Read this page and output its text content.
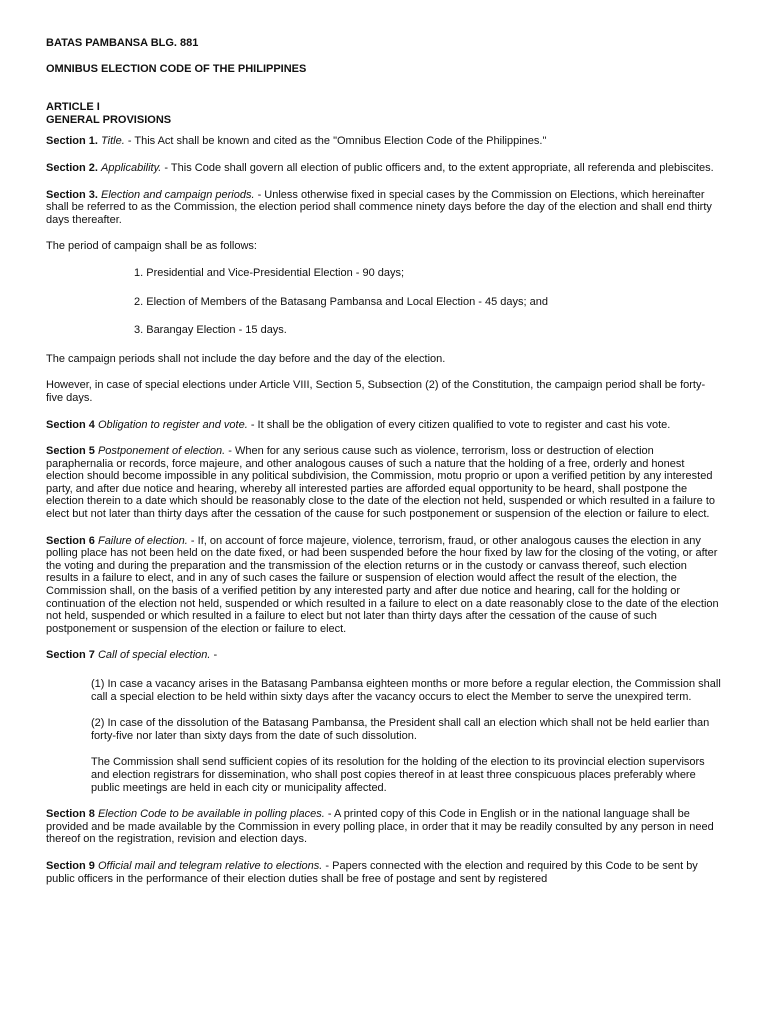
BATAS PAMBANSA BLG. 881

OMNIBUS ELECTION CODE OF THE PHILIPPINES

ARTICLE I

GENERAL PROVISIONS

Section 1. Title. - This Act shall be known and cited as the "Omnibus Election Code of the Philippines."

Section 2. Applicability. - This Code shall govern all election of public officers and, to the extent appropriate, all referenda and plebiscites.

Section 3. Election and campaign periods. - Unless otherwise fixed in special cases by the Commission on Elections, which hereinafter shall be referred to as the Commission, the election period shall commence ninety days before the day of the election and shall end thirty days thereafter.

The period of campaign shall be as follows:

1. Presidential and Vice-Presidential Election - 90 days;

2. Election of Members of the Batasang Pambansa and Local Election - 45 days; and

3. Barangay Election - 15 days.

The campaign periods shall not include the day before and the day of the election.

However, in case of special elections under Article VIII, Section 5, Subsection (2) of the Constitution, the campaign period shall be forty-five days.

Section 4 Obligation to register and vote. - It shall be the obligation of every citizen qualified to vote to register and cast his vote.

Section 5 Postponement of election. - When for any serious cause such as violence, terrorism, loss or destruction of election paraphernalia or records, force majeure, and other analogous causes of such a nature that the holding of a free, orderly and honest election should become impossible in any political subdivision, the Commission, motu proprio or upon a verified petition by any interested party, and after due notice and hearing, whereby all interested parties are afforded equal opportunity to be heard, shall postpone the election therein to a date which should be reasonably close to the date of the election not held, suspended or which resulted in a failure to elect but not later than thirty days after the cessation of the cause for such postponement or suspension of the election or failure to elect.

Section 6 Failure of election. - If, on account of force majeure, violence, terrorism, fraud, or other analogous causes the election in any polling place has not been held on the date fixed, or had been suspended before the hour fixed by law for the closing of the voting, or after the voting and during the preparation and the transmission of the election returns or in the custody or canvass thereof, such election results in a failure to elect, and in any of such cases the failure or suspension of election would affect the result of the election, the Commission shall, on the basis of a verified petition by any interested party and after due notice and hearing, call for the holding or continuation of the election not held, suspended or which resulted in a failure to elect on a date reasonably close to the date of the election not held, suspended or which resulted in a failure to elect but not later than thirty days after the cessation of the cause of such postponement or suspension of the election or failure to elect.

Section 7 Call of special election. -

(1) In case a vacancy arises in the Batasang Pambansa eighteen months or more before a regular election, the Commission shall call a special election to be held within sixty days after the vacancy occurs to elect the Member to serve the unexpired term.

(2) In case of the dissolution of the Batasang Pambansa, the President shall call an election which shall not be held earlier than forty-five nor later than sixty days from the date of such dissolution.

The Commission shall send sufficient copies of its resolution for the holding of the election to its provincial election supervisors and election registrars for dissemination, who shall post copies thereof in at least three conspicuous places preferably where public meetings are held in each city or municipality affected.

Section 8 Election Code to be available in polling places. - A printed copy of this Code in English or in the national language shall be provided and be made available by the Commission in every polling place, in order that it may be readily consulted by any person in need thereof on the registration, revision and election days.

Section 9 Official mail and telegram relative to elections. - Papers connected with the election and required by this Code to be sent by public officers in the performance of their election duties shall be free of postage and sent by registered
